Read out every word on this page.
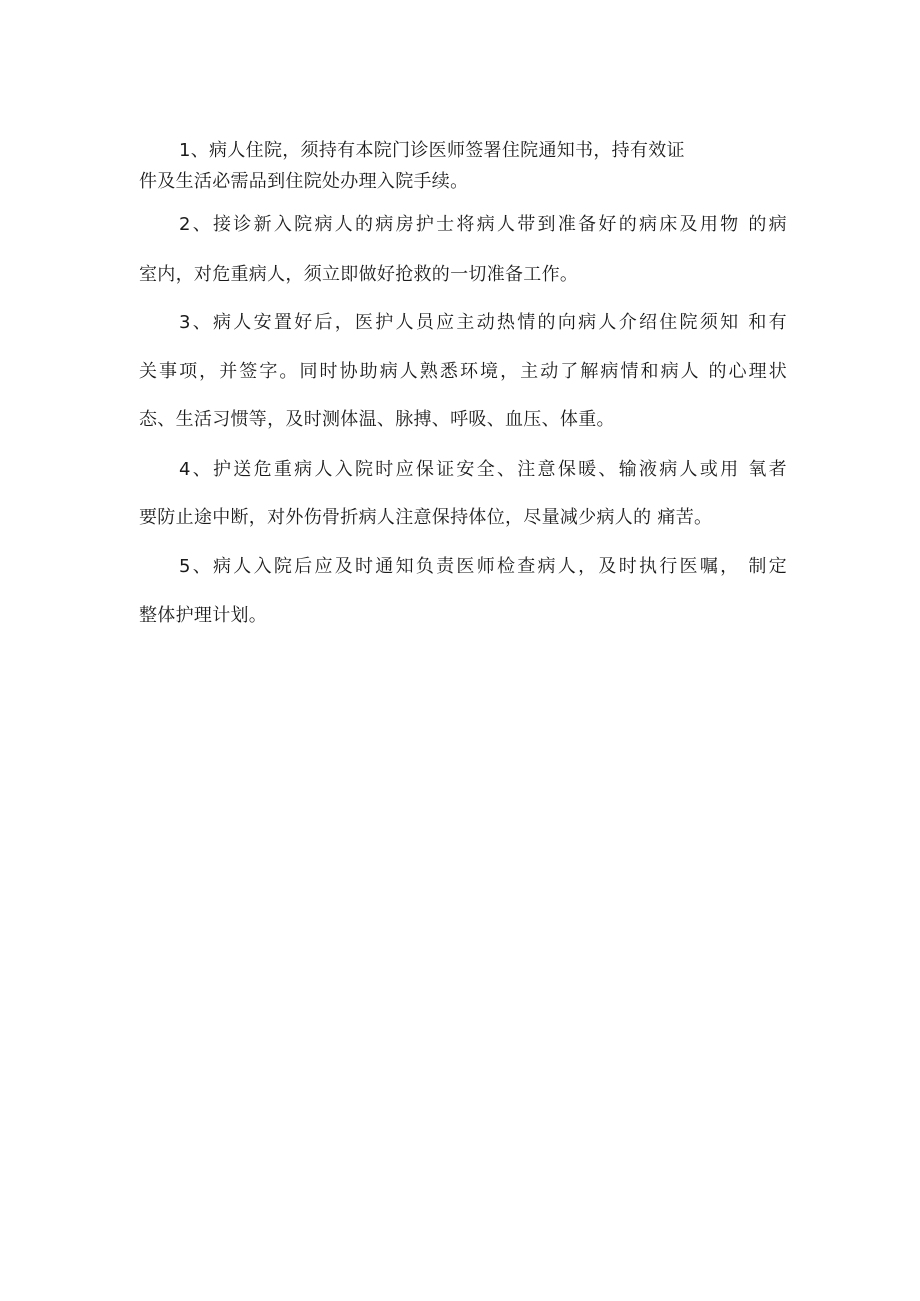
1、病人住院，须持有本院门诊医师签署住院通知书，持有效证
件及生活必需品到住院处办理入院手续。
2、接诊新入院病人的病房护士将病人带到准备好的病床及用物 的病
室内，对危重病人，须立即做好抢救的一切准备工作。
3、病人安置好后，医护人员应主动热情的向病人介绍住院须知 和有
关事项，并签字。同时协助病人熟悉环境，主动了解病情和病人 的心理状
态、生活习惯等，及时测体温、脉搏、呼吸、血压、体重。
4、护送危重病人入院时应保证安全、注意保暖、输液病人或用 氧者
要防止途中断，对外伤骨折病人注意保持体位，尽量减少病人的 痛苦。
5、病人入院后应及时通知负责医师检查病人，及时执行医嘱， 制定
整体护理计划。
